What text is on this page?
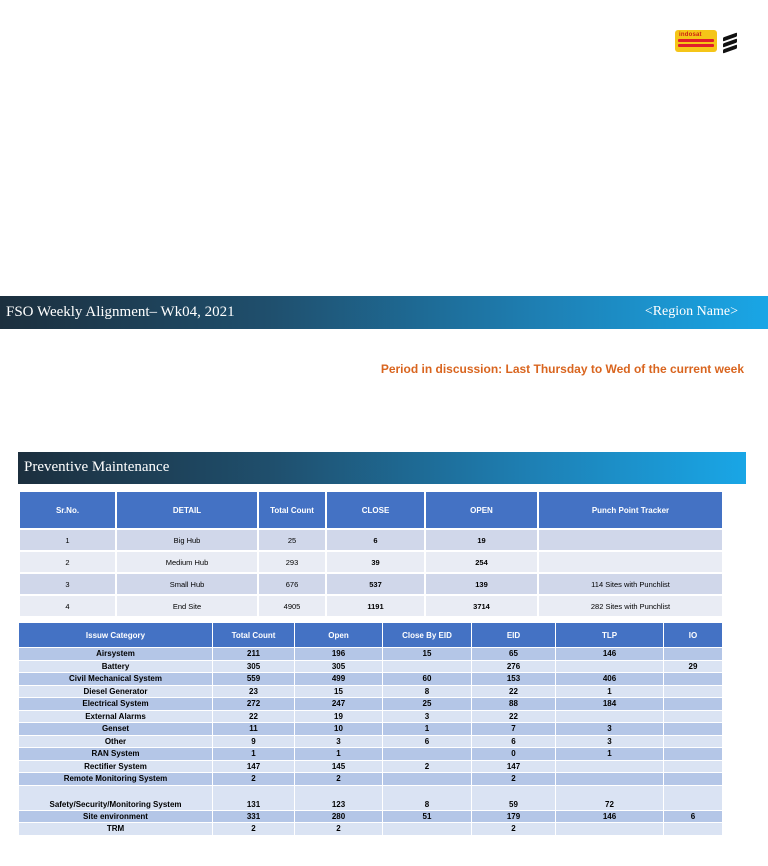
indosat
FSO Weekly Alignment– Wk04, 2021	<Region Name>
Period in discussion: Last Thursday to Wed of the current week
Preventive Maintenance
Sr.No.	DETAIL	Total Count	CLOSE	OPEN	Punch Point Tracker
1	Big Hub	25	6	19	
2	Medium Hub	293	39	254	
3	Small Hub	676	537	139	114 Sites with Punchlist
4	End Site	4905	1191	3714	282 Sites with Punchlist
Issuw Category	Total Count	Open	Close By EID	EID	TLP	IO
Airsystem	211	196	15	65	146	
Battery	305	305		276		29
Civil Mechanical System	559	499	60	153	406	
Diesel Generator	23	15	8	22	1	
Electrical System	272	247	25	88	184	
External Alarms	22	19	3	22		
Genset	11	10	1	7	3	
Other	9	3	6	6	3	
RAN System	1	1		0	1	
Rectifier System	147	145	2	147		
Remote Monitoring System	2	2		2		
Safety/Security/Monitoring System	131	123	8	59	72	
Site environment	331	280	51	179	146	6
TRM	2	2		2		
